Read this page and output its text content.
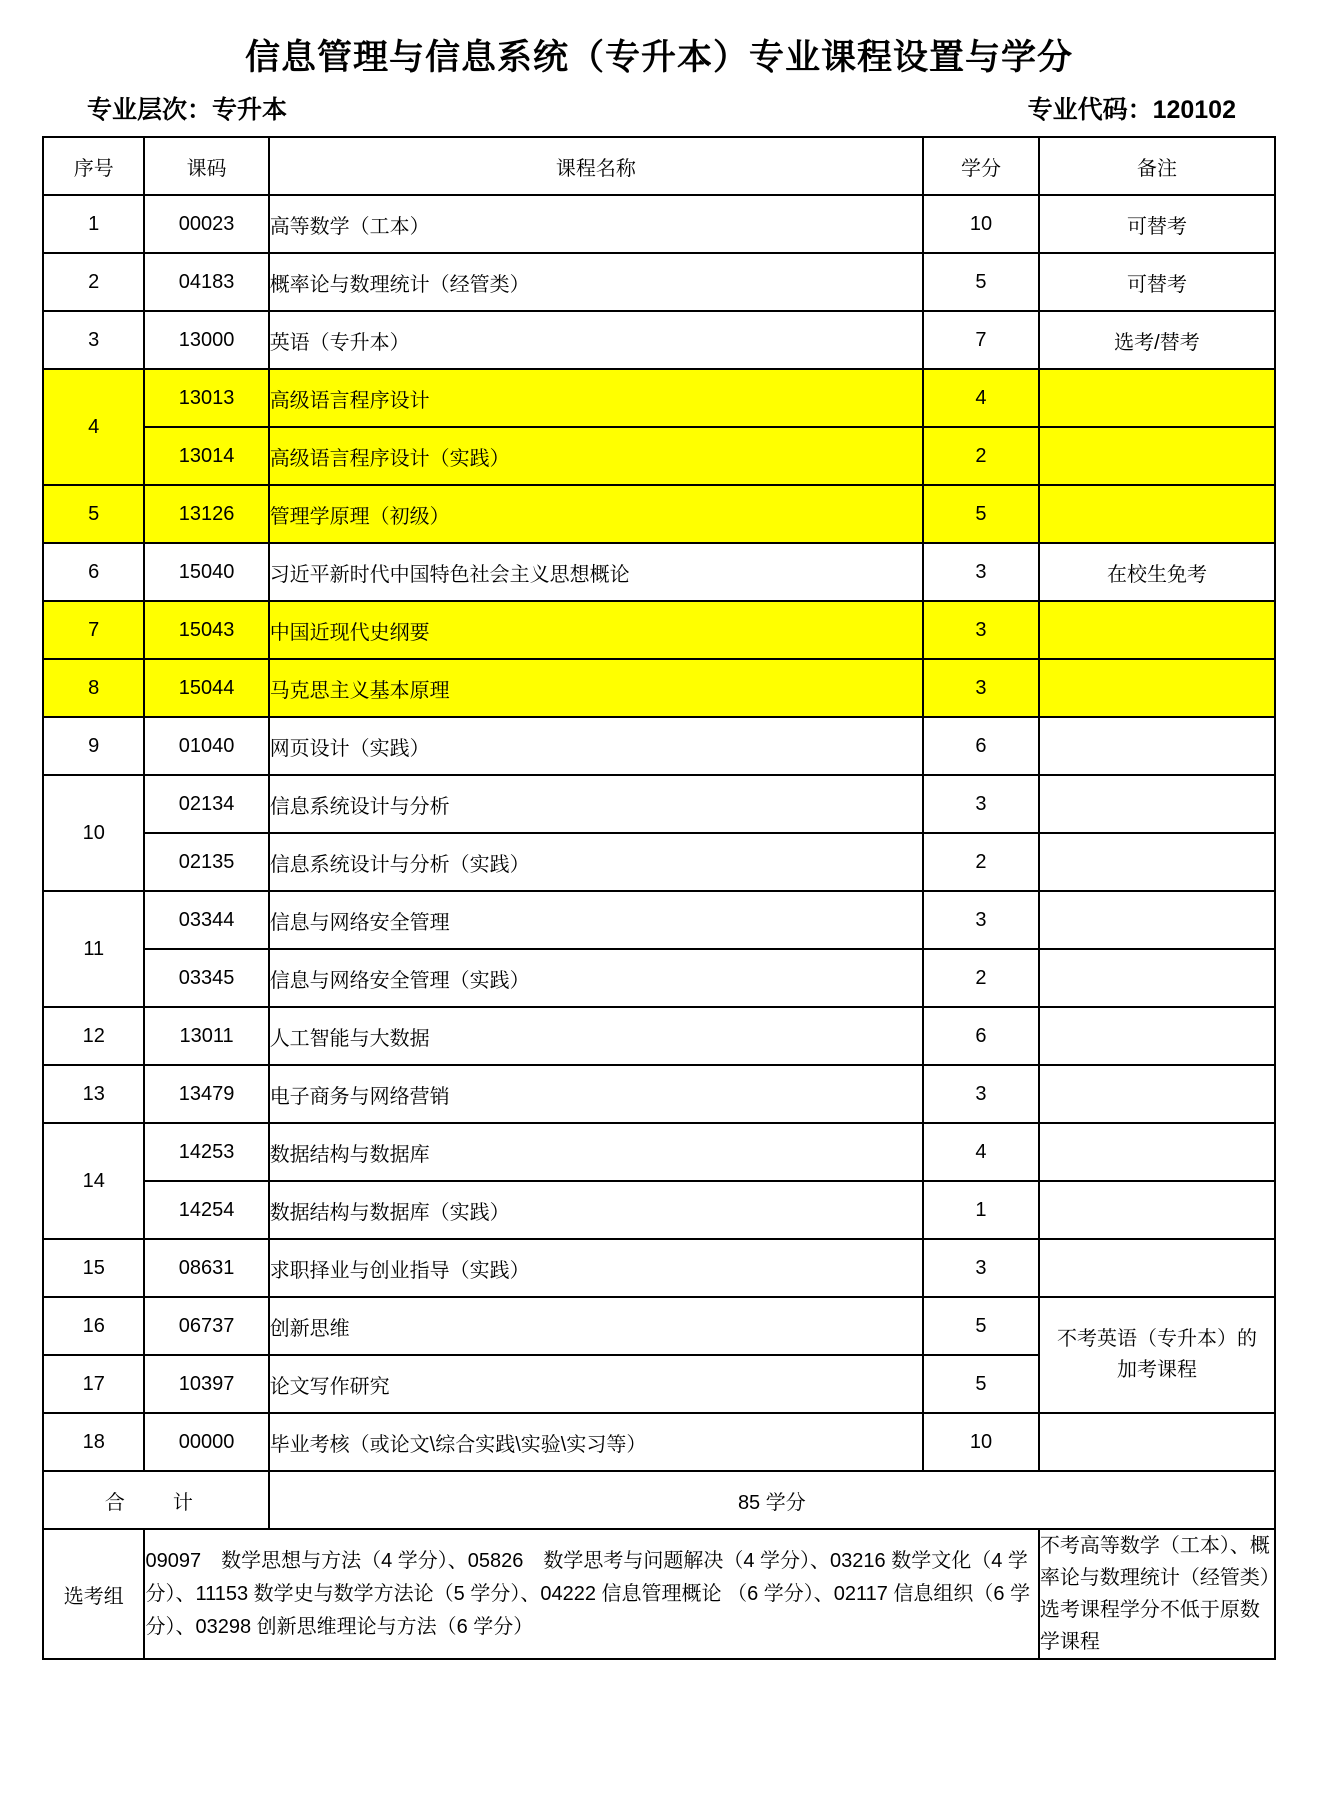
信息管理与信息系统（专升本）专业课程设置与学分
专业层次：专升本	专业代码：120102
序号	课码	课程名称	学分	备注
1	00023	高等数学（工本）	10	可替考
2	04183	概率论与数理统计（经管类）	5	可替考
3	13000	英语（专升本）	7	选考/替考
4	13013	高级语言程序设计	4	
	13014	高级语言程序设计（实践）	2	
5	13126	管理学原理（初级）	5	
6	15040	习近平新时代中国特色社会主义思想概论	3	在校生免考
7	15043	中国近现代史纲要	3	
8	15044	马克思主义基本原理	3	
9	01040	网页设计（实践）	6	
10	02134	信息系统设计与分析	3	
	02135	信息系统设计与分析（实践）	2	
11	03344	信息与网络安全管理	3	
	03345	信息与网络安全管理（实践）	2	
12	13011	人工智能与大数据	6	
13	13479	电子商务与网络营销	3	
14	14253	数据结构与数据库	4	
	14254	数据结构与数据库（实践）	1	
15	08631	求职择业与创业指导（实践）	3	
16	06737	创新思维	5	不考英语（专升本）的
加考课程

17	10397	论文写作研究	5	
18	00000	毕业考核（或论文\综合实践\实验\实习等）	10	
合　计		85 学分		
选考组	09097　数学思想与方法（4 学分）、05826　数学思考与问题解决（4 学分）、03216 数学文化（4 学分）、11153 数学史与数学方法论（5 学分）、04222 信息管理概论 （6 学分）、02117 信息组织（6 学分）、03298 创新思维理论与方法（6 学分）			不考高等数学（工本）、概率论与数理统计（经管类）选考课程学分不低于原数学课程
